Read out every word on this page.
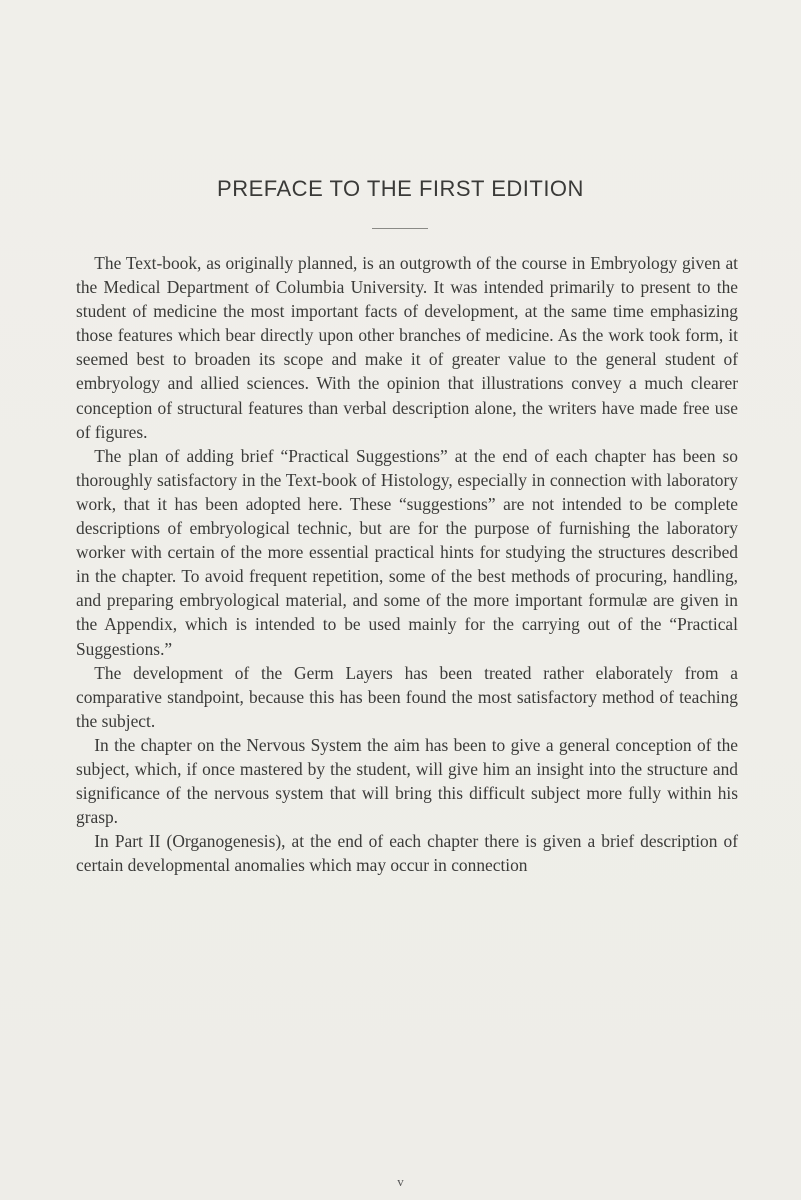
PREFACE TO THE FIRST EDITION

The Text-book, as originally planned, is an outgrowth of the course in Embryology given at the Medical Department of Columbia University. It was intended primarily to present to the student of medicine the most important facts of development, at the same time emphasizing those features which bear directly upon other branches of medicine. As the work took form, it seemed best to broaden its scope and make it of greater value to the general student of embryology and allied sciences. With the opinion that illustrations convey a much clearer conception of structural features than verbal description alone, the writers have made free use of figures.

The plan of adding brief “Practical Suggestions” at the end of each chapter has been so thoroughly satisfactory in the Text-book of Histology, especially in connection with laboratory work, that it has been adopted here. These “suggestions” are not intended to be complete descriptions of embryological technic, but are for the purpose of furnishing the laboratory worker with certain of the more essential practical hints for studying the structures described in the chapter. To avoid frequent repetition, some of the best methods of procuring, handling, and preparing embryological material, and some of the more important formulæ are given in the Appendix, which is intended to be used mainly for the carrying out of the “Practical Suggestions.”

The development of the Germ Layers has been treated rather elaborately from a comparative standpoint, because this has been found the most satisfactory method of teaching the subject.

In the chapter on the Nervous System the aim has been to give a general conception of the subject, which, if once mastered by the student, will give him an insight into the structure and significance of the nervous system that will bring this difficult subject more fully within his grasp.

In Part II (Organogenesis), at the end of each chapter there is given a brief description of certain developmental anomalies which may occur in connection

v
